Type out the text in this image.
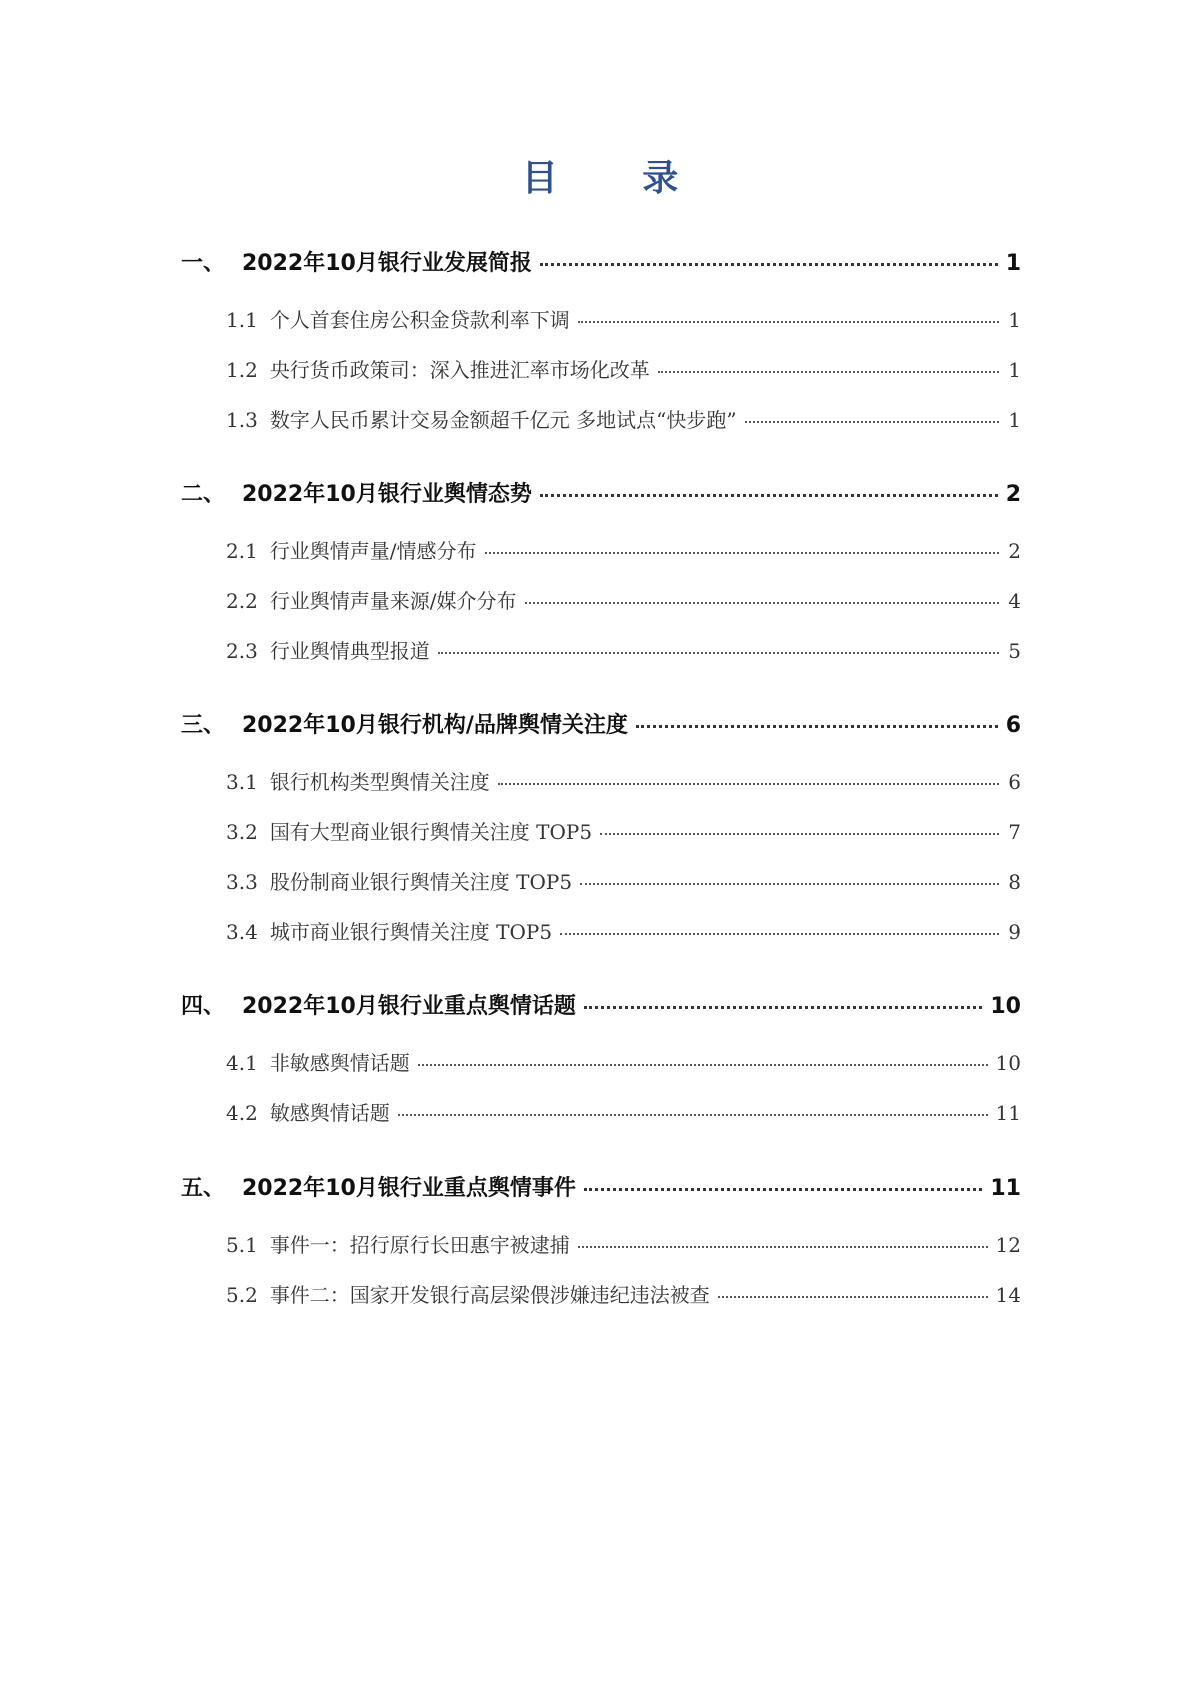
目 录
一、 2022年10月银行业发展简报	1
1.1 个人首套住房公积金贷款利率下调	1
1.2 央行货币政策司：深入推进汇率市场化改革	1
1.3 数字人民币累计交易金额超千亿元 多地试点“快步跑”	1
二、 2022年10月银行业舆情态势	2
2.1 行业舆情声量/情感分布	2
2.2 行业舆情声量来源/媒介分布	4
2.3 行业舆情典型报道	5
三、 2022年10月银行机构/品牌舆情关注度	6
3.1 银行机构类型舆情关注度	6
3.2 国有大型商业银行舆情关注度 TOP5	7
3.3 股份制商业银行舆情关注度 TOP5	8
3.4 城市商业银行舆情关注度 TOP5	9
四、 2022年10月银行业重点舆情话题	10
4.1 非敏感舆情话题	10
4.2 敏感舆情话题	11
五、 2022年10月银行业重点舆情事件	11
5.1 事件一：招行原行长田惠宇被逮捕	12
5.2 事件二：国家开发银行高层梁偎涉嫌违纪违法被查	14
